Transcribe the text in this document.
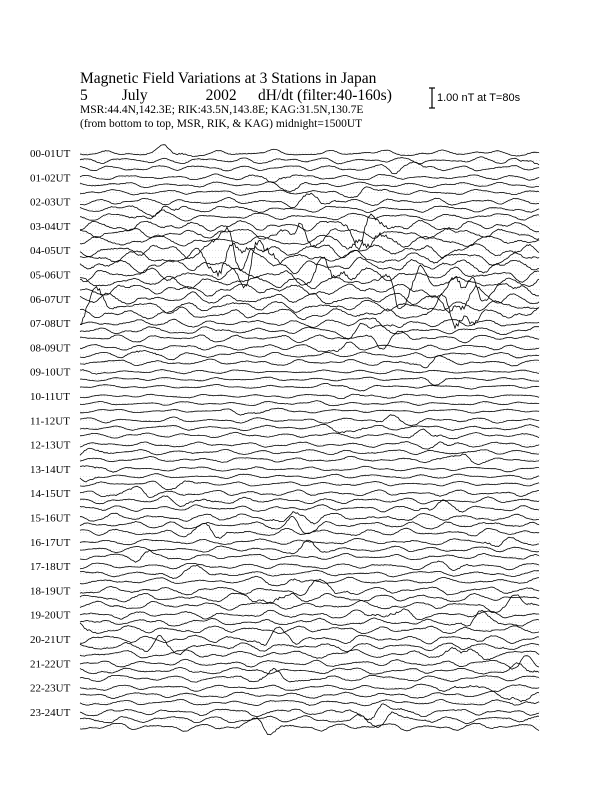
Magnetic Field Variations at 3 Stations in Japan
5 July	2002 dH/dt (filter:40-160s)
MSR:44.4N,142.3E; RIK:43.5N,143.8E; KAG:31.5N,130.7E
(from bottom to top, MSR, RIK, & KAG) midnight=1500UT
1.00 nT at T=80s
00-01UT
01-02UT
02-03UT
03-04UT
04-05UT
05-06UT
06-07UT
07-08UT
08-09UT
09-10UT
10-11UT
11-12UT
12-13UT
13-14UT
14-15UT
15-16UT
16-17UT
17-18UT
18-19UT
19-20UT
20-21UT
21-22UT
22-23UT
23-24UT
